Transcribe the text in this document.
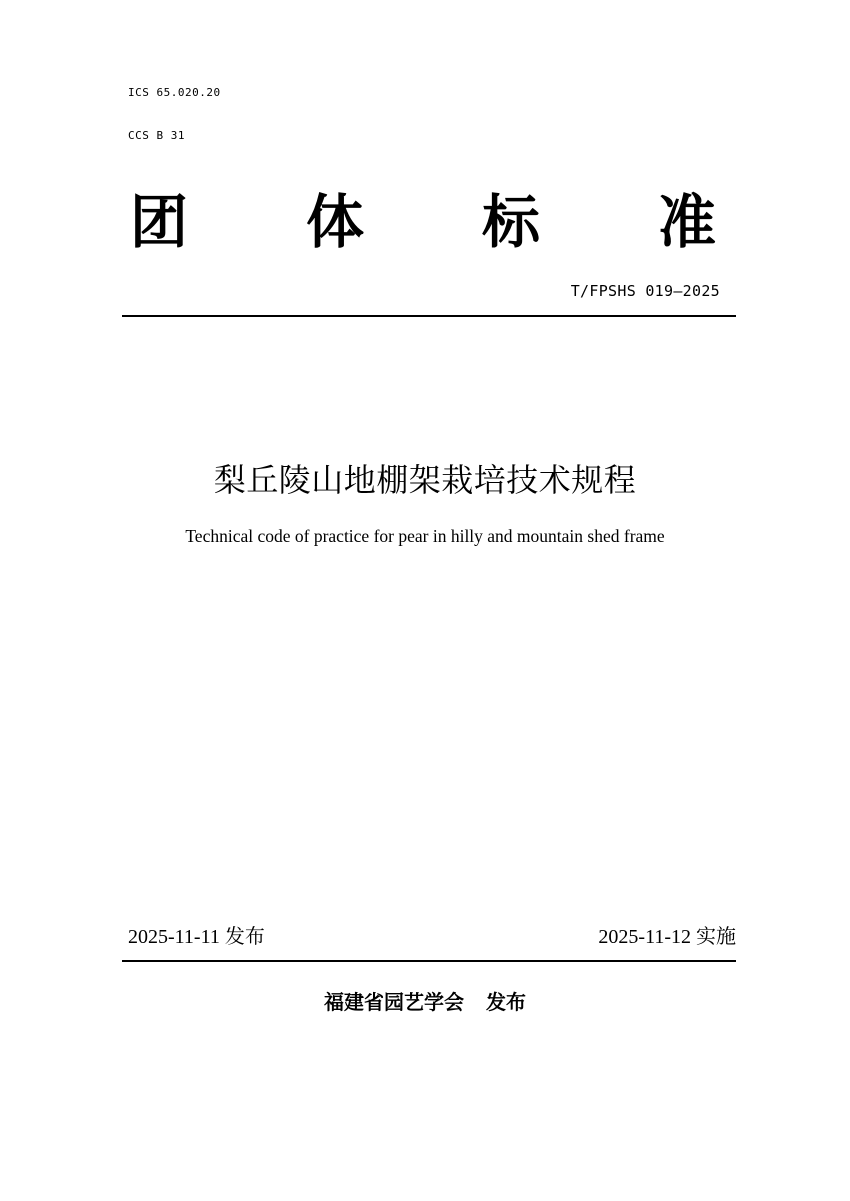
ICS 65.020.20
CCS B 31
团 体 标 准
T/FPSHS 019—2025
梨丘陵山地棚架栽培技术规程
Technical code of practice for pear in hilly and mountain shed frame
2025-11-11 发布	2025-11-12 实施
福建省园艺学会 发布
